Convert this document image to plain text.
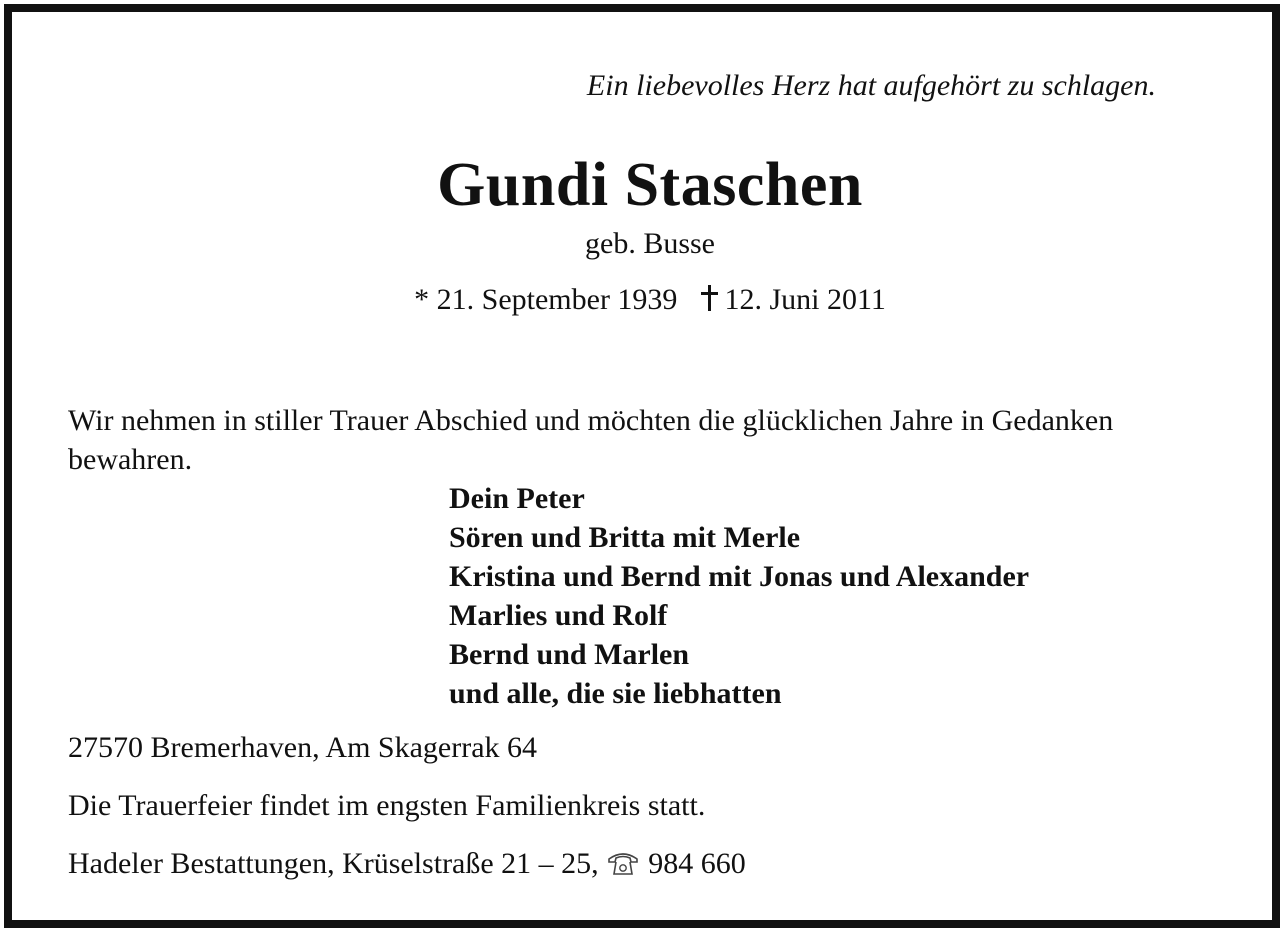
Ein liebevolles Herz hat aufgehört zu schlagen.
Gundi Staschen
geb. Busse
* 21. September 1939 12. Juni 2011
Wir nehmen in stiller Trauer Abschied und möchten die glücklichen Jahre in Gedanken bewahren.
Dein Peter
Sören und Britta mit Merle
Kristina und Bernd mit Jonas und Alexander
Marlies und Rolf
Bernd und Marlen
und alle, die sie liebhatten
27570 Bremerhaven, Am Skagerrak 64
Die Trauerfeier findet im engsten Familienkreis statt.
Hadeler Bestattungen, Krüselstraße 21 – 25, 984 660
